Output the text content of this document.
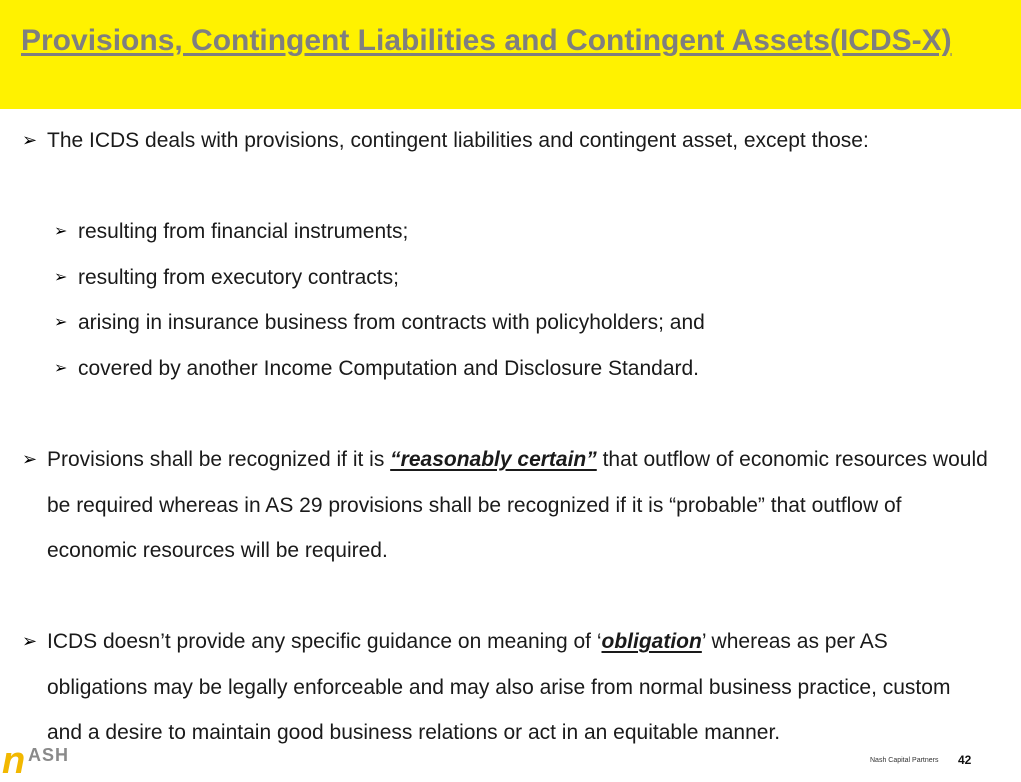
Provisions, Contingent Liabilities and Contingent Assets(ICDS-X)
➢ The ICDS deals with provisions, contingent liabilities and contingent asset, except those:
➢ resulting from financial instruments;
➢ resulting from executory contracts;
➢ arising in insurance business from contracts with policyholders; and
➢ covered by another Income Computation and Disclosure Standard.
➢ Provisions shall be recognized if it is “reasonably certain” that outflow of economic resources would be required whereas in AS 29 provisions shall be recognized if it is “probable” that outflow of economic resources will be required.
➢ ICDS doesn’t provide any specific guidance on meaning of ‘obligation’ whereas as per AS obligations may be legally enforceable and may also arise from normal business practice, custom and a desire to maintain good business relations or act in an equitable manner.
n ASH	Nash Capital Partners 42
